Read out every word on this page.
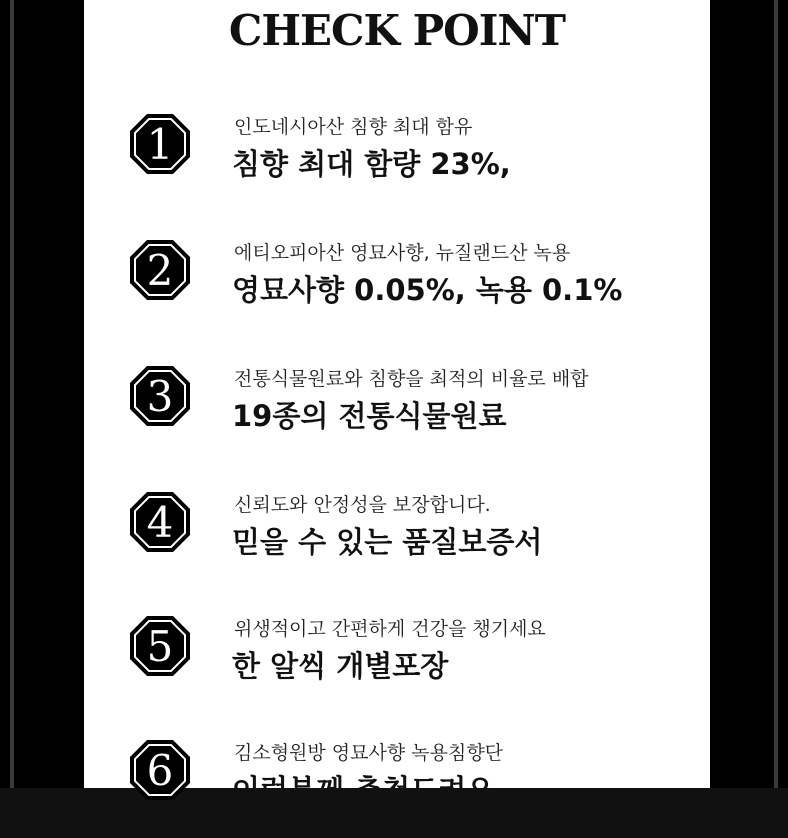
CHECK POINT
1	인도네시아산 침향 최대 함유
침향 최대 함량 23%,
2	에티오피아산 영묘사향, 뉴질랜드산 녹용
영묘사향 0.05%, 녹용 0.1%
3	전통식물원료와 침향을 최적의 비율로 배합
19종의 전통식물원료
4	신뢰도와 안정성을 보장합니다.
믿을 수 있는 품질보증서
5	위생적이고 간편하게 건강을 챙기세요
한 알씩 개별포장
6	김소형원방 영묘사향 녹용침향단
이런분께 추천드려요
